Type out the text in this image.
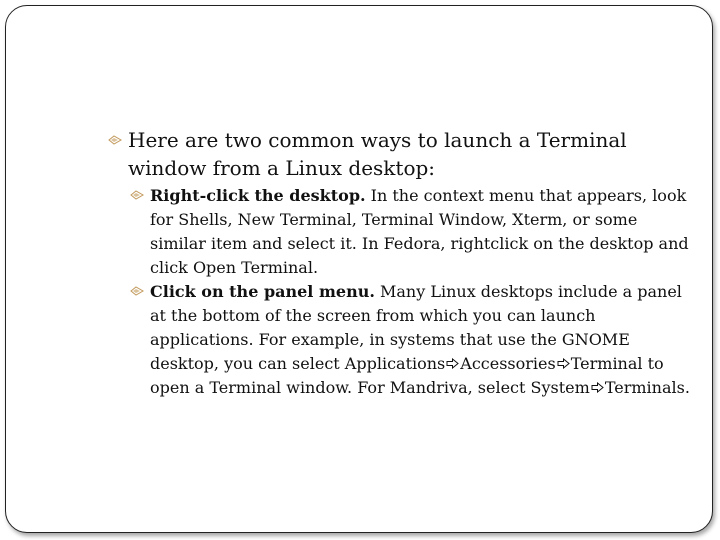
Here are two common ways to launch a Terminal window from a Linux desktop:

Right-click the desktop. In the context menu that appears, look for Shells, New Terminal, Terminal Window, Xterm, or some similar item and select it. In Fedora, rightclick on the desktop and click Open Terminal.

Click on the panel menu. Many Linux desktops include a panel at the bottom of the screen from which you can launch applications. For example, in systems that use the GNOME desktop, you can select Applications Accessories Terminal to open a Terminal window. For Mandriva, select System Terminals.
